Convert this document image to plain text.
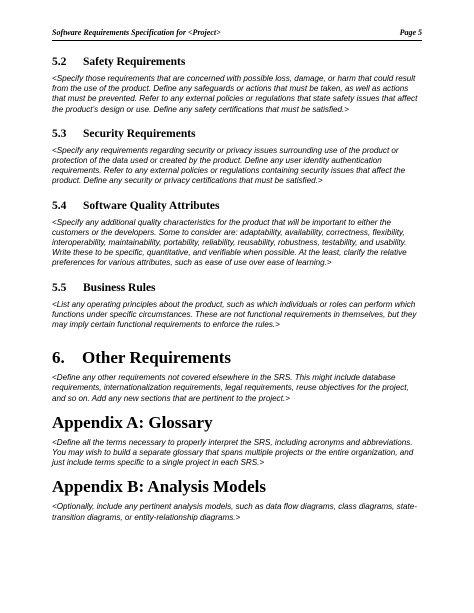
Software Requirements Specification for <Project>	Page 5
5.2	Safety Requirements

<Specify those requirements that are concerned with possible loss, damage, or harm that could result from the use of the product. Define any safeguards or actions that must be taken, as well as actions that must be prevented. Refer to any external policies or regulations that state safety issues that affect the product’s design or use. Define any safety certifications that must be satisfied.>

5.3	Security Requirements

<Specify any requirements regarding security or privacy issues surrounding use of the product or protection of the data used or created by the product. Define any user identity authentication requirements. Refer to any external policies or regulations containing security issues that affect the product. Define any security or privacy certifications that must be satisfied.>

5.4	Software Quality Attributes

<Specify any additional quality characteristics for the product that will be important to either the customers or the developers. Some to consider are: adaptability, availability, correctness, flexibility, interoperability, maintainability, portability, reliability, reusability, robustness, testability, and usability. Write these to be specific, quantitative, and verifiable when possible. At the least, clarify the relative preferences for various attributes, such as ease of use over ease of learning.>

5.5	Business Rules

<List any operating principles about the product, such as which individuals or roles can perform which functions under specific circumstances. These are not functional requirements in themselves, but they may imply certain functional requirements to enforce the rules.>

6.	Other Requirements

<Define any other requirements not covered elsewhere in the SRS. This might include database requirements, internationalization requirements, legal requirements, reuse objectives for the project, and so on. Add any new sections that are pertinent to the project.>

Appendix A: Glossary

<Define all the terms necessary to properly interpret the SRS, including acronyms and abbreviations. You may wish to build a separate glossary that spans multiple projects or the entire organization, and just include terms specific to a single project in each SRS.>

Appendix B: Analysis Models

<Optionally, include any pertinent analysis models, such as data flow diagrams, class diagrams, state-transition diagrams, or entity-relationship diagrams.>
